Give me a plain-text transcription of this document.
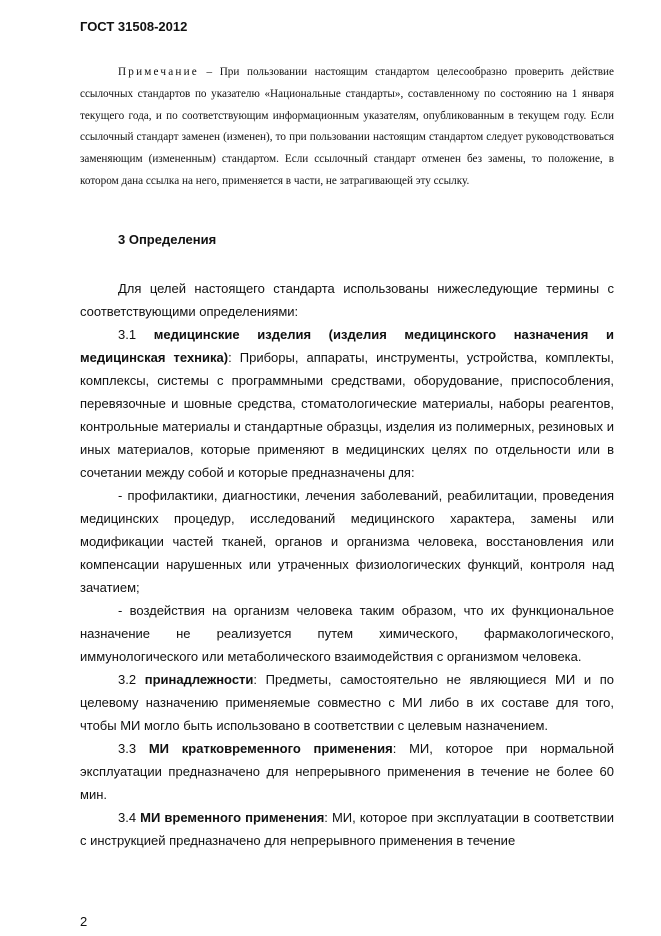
ГОСТ 31508-2012

Примечание – При пользовании настоящим стандартом целесообразно проверить действие ссылочных стандартов по указателю «Национальные стандарты», составленному по состоянию на 1 января текущего года, и по соответствующим информационным указателям, опубликованным в текущем году. Если ссылочный стандарт заменен (изменен), то при пользовании настоящим стандартом следует руководствоваться заменяющим (измененным) стандартом. Если ссылочный стандарт отменен без замены, то положение, в котором дана ссылка на него, применяется в части, не затрагивающей эту ссылку.

3 Определения

Для целей настоящего стандарта использованы нижеследующие термины с соответствующими определениями:

3.1 медицинские изделия (изделия медицинского назначения и медицинская техника): Приборы, аппараты, инструменты, устройства, комплекты, комплексы, системы с программными средствами, оборудование, приспособления, перевязочные и шовные средства, стоматологические материалы, наборы реагентов, контрольные материалы и стандартные образцы, изделия из полимерных, резиновых и иных материалов, которые применяют в медицинских целях по отдельности или в сочетании между собой и которые предназначены для:

- профилактики, диагностики, лечения заболеваний, реабилитации, проведения медицинских процедур, исследований медицинского характера, замены или модификации частей тканей, органов и организма человека, восстановления или компенсации нарушенных или утраченных физиологических функций, контроля над зачатием;

- воздействия на организм человека таким образом, что их функциональное назначение не реализуется путем химического, фармакологического, иммунологического или метаболического взаимодействия с организмом человека.

3.2 принадлежности: Предметы, самостоятельно не являющиеся МИ и по целевому назначению применяемые совместно с МИ либо в их составе для того, чтобы МИ могло быть использовано в соответствии с целевым назначением.

3.3 МИ кратковременного применения: МИ, которое при нормальной эксплуатации предназначено для непрерывного применения в течение не более 60 мин.

3.4 МИ временного применения: МИ, которое при эксплуатации в соответствии с инструкцией предназначено для непрерывного применения в течение

2
